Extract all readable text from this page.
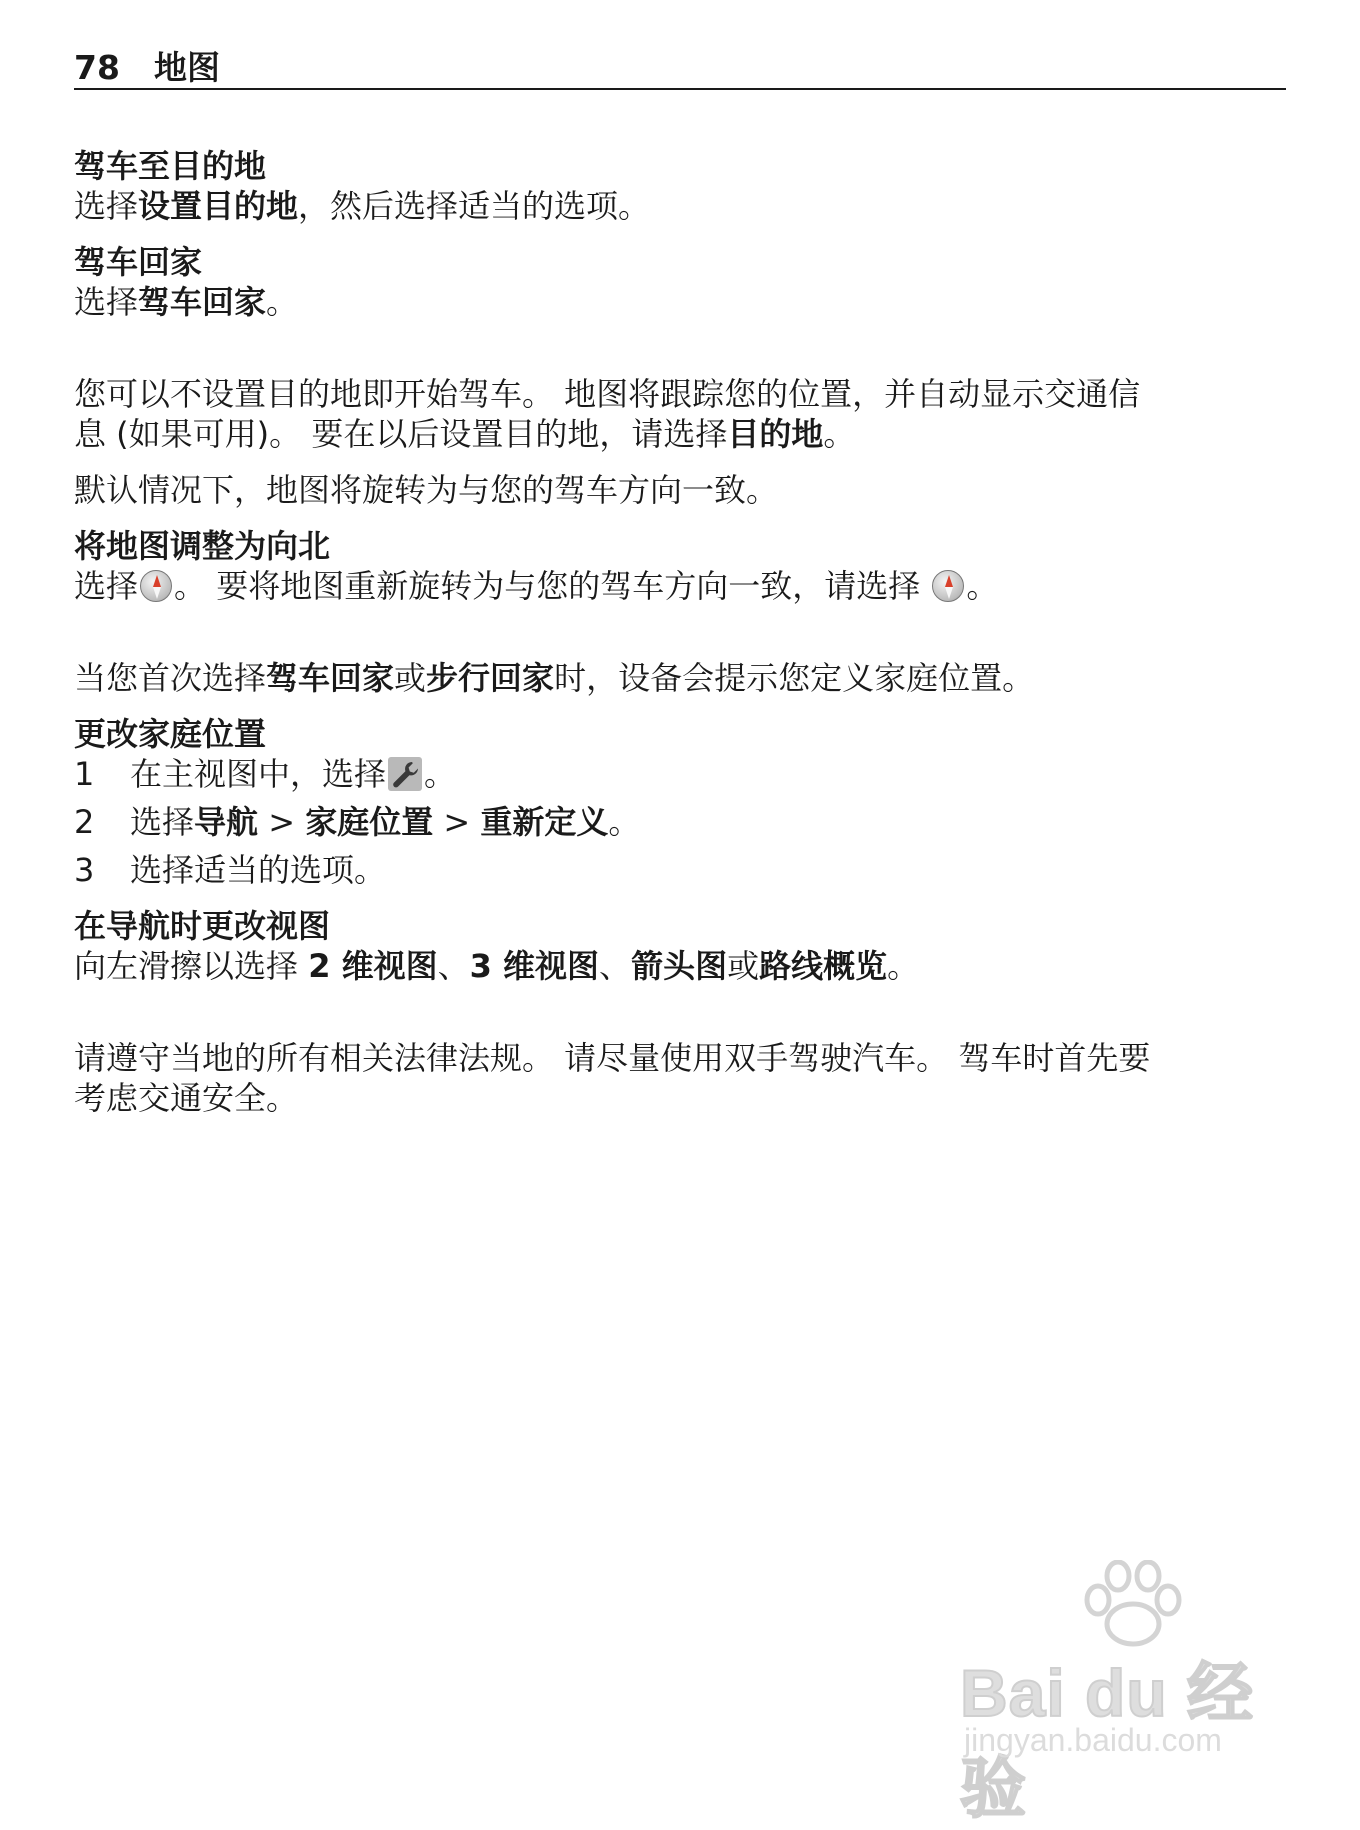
78 地图

驾车至目的地

选择设置目的地，然后选择适当的选项。

驾车回家

选择驾车回家。

您可以不设置目的地即开始驾车。 地图将跟踪您的位置，并自动显示交通信
息 (如果可用)。 要在以后设置目的地，请选择目的地。

默认情况下，地图将旋转为与您的驾车方向一致。

将地图调整为向北

选择 。 要将地图重新旋转为与您的驾车方向一致，请选择 。

当您首次选择驾车回家或步行回家时，设备会提示您定义家庭位置。

更改家庭位置

1	在主视图中，选择 。
2	选择导航 > 家庭位置 > 重新定义。
3	选择适当的选项。

在导航时更改视图

向左滑擦以选择 2 维视图、3 维视图、箭头图或路线概览。

请遵守当地的所有相关法律法规。 请尽量使用双手驾驶汽车。 驾车时首先要
考虑交通安全。

Bai du 经验
jingyan.baidu.com
